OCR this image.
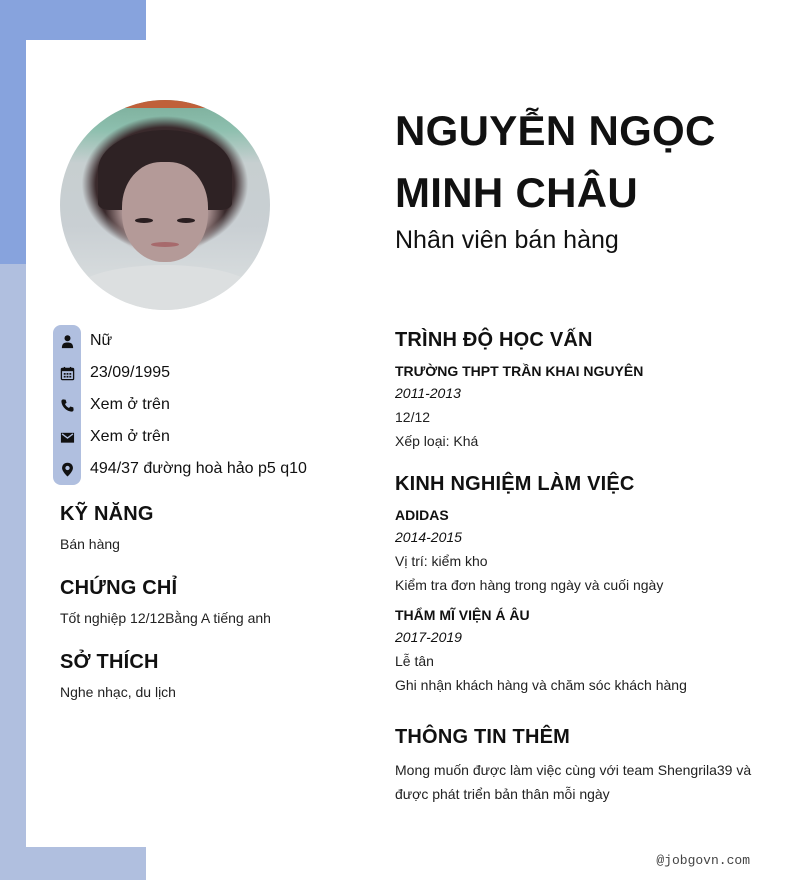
Nữ
23/09/1995
Xem ở trên
Xem ở trên
494/37 đường hoà hảo p5 q10
KỸ NĂNG
Bán hàng
CHỨNG CHỈ
Tốt nghiệp 12/12Bằng A tiếng anh
SỞ THÍCH
Nghe nhạc, du lịch
NGUYỄN NGỌC
MINH CHÂU
Nhân viên bán hàng
TRÌNH ĐỘ HỌC VẤN
TRƯỜNG THPT TRẦN KHAI NGUYÊN
2011-2013
12/12
Xếp loại: Khá
KINH NGHIỆM LÀM VIỆC
ADIDAS
2014-2015
Vị trí: kiểm kho
Kiểm tra đơn hàng trong ngày và cuối ngày
THẨM MĨ VIỆN Á ÂU
2017-2019
Lễ tân
Ghi nhận khách hàng và chăm sóc khách hàng
THÔNG TIN THÊM
Mong muốn được làm việc cùng với team Shengrila39 và được phát triển bản thân mỗi ngày
@jobgovn.com
